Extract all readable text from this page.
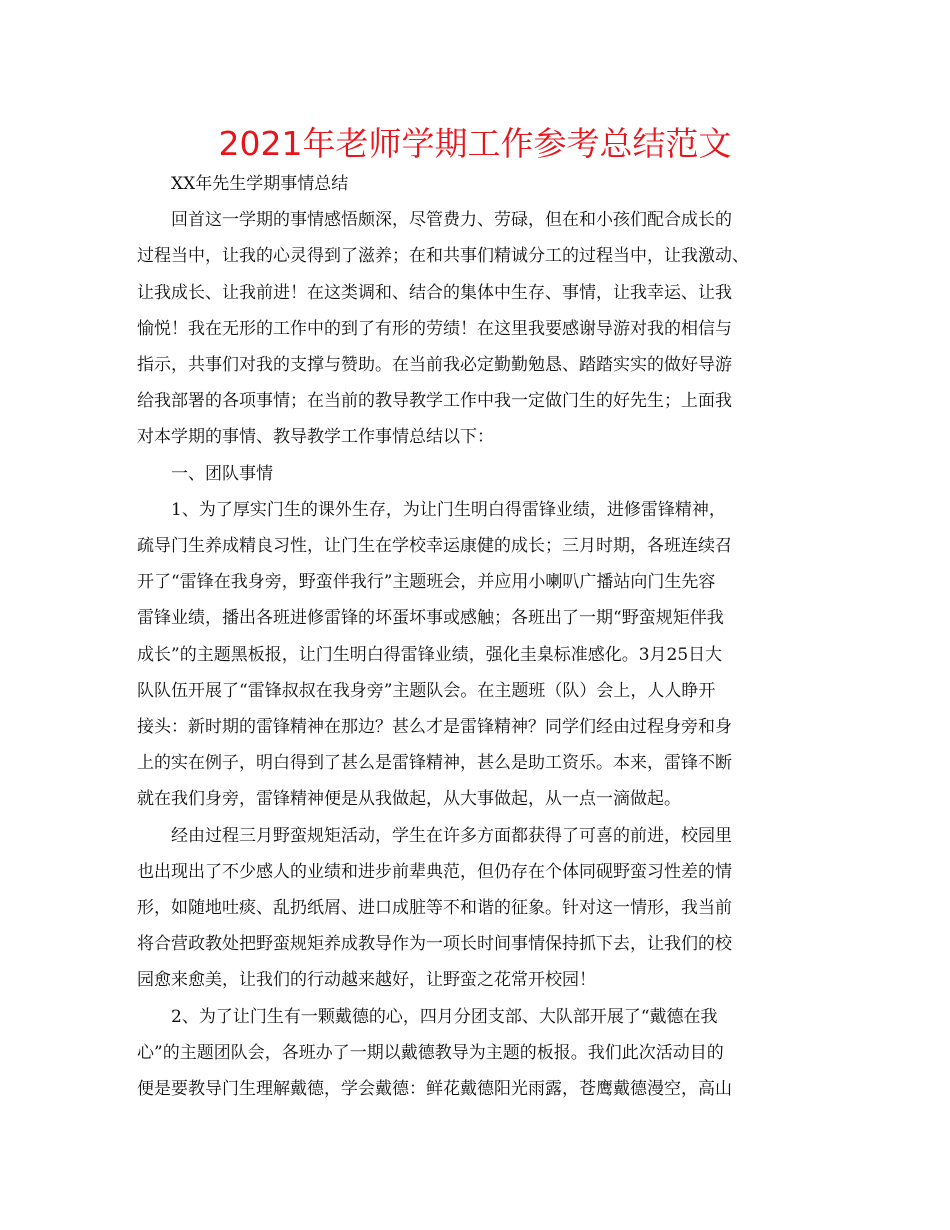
2021年老师学期工作参考总结范文

XX年先生学期事情总结

回首这一学期的事情感悟颇深，尽管费力、劳碌，但在和小孩们配合成长的

过程当中，让我的心灵得到了滋养；在和共事们精诚分工的过程当中，让我激动、

让我成长、让我前进！在这类调和、结合的集体中生存、事情，让我幸运、让我

愉悦！我在无形的工作中的到了有形的劳绩！在这里我要感谢导游对我的相信与

指示，共事们对我的支撑与赞助。在当前我必定勤勤勉恳、踏踏实实的做好导游

给我部署的各项事情；在当前的教导教学工作中我一定做门生的好先生；上面我

对本学期的事情、教导教学工作事情总结以下：

一、团队事情

1、为了厚实门生的课外生存，为让门生明白得雷锋业绩，进修雷锋精神，

疏导门生养成精良习性，让门生在学校幸运康健的成长；三月时期，各班连续召

开了“雷锋在我身旁，野蛮伴我行”主题班会，并应用小喇叭广播站向门生先容

雷锋业绩，播出各班进修雷锋的坏蛋坏事或感触；各班出了一期“野蛮规矩伴我

成长”的主题黑板报，让门生明白得雷锋业绩，强化圭臬标准感化。3月25日大

队队伍开展了“雷锋叔叔在我身旁”主题队会。在主题班（队）会上，人人睁开

接头：新时期的雷锋精神在那边？甚么才是雷锋精神？同学们经由过程身旁和身

上的实在例子，明白得到了甚么是雷锋精神，甚么是助工资乐。本来，雷锋不断

就在我们身旁，雷锋精神便是从我做起，从大事做起，从一点一滴做起。

经由过程三月野蛮规矩活动，学生在许多方面都获得了可喜的前进，校园里

也出现出了不少感人的业绩和进步前辈典范，但仍存在个体同砚野蛮习性差的情

形，如随地吐痰、乱扔纸屑、进口成脏等不和谐的征象。针对这一情形，我当前

将合营政教处把野蛮规矩养成教导作为一项长时间事情保持抓下去，让我们的校

园愈来愈美，让我们的行动越来越好，让野蛮之花常开校园！

2、为了让门生有一颗戴德的心，四月分团支部、大队部开展了“戴德在我

心”的主题团队会，各班办了一期以戴德教导为主题的板报。我们此次活动目的

便是要教导门生理解戴德，学会戴德：鲜花戴德阳光雨露，苍鹰戴德漫空，高山
